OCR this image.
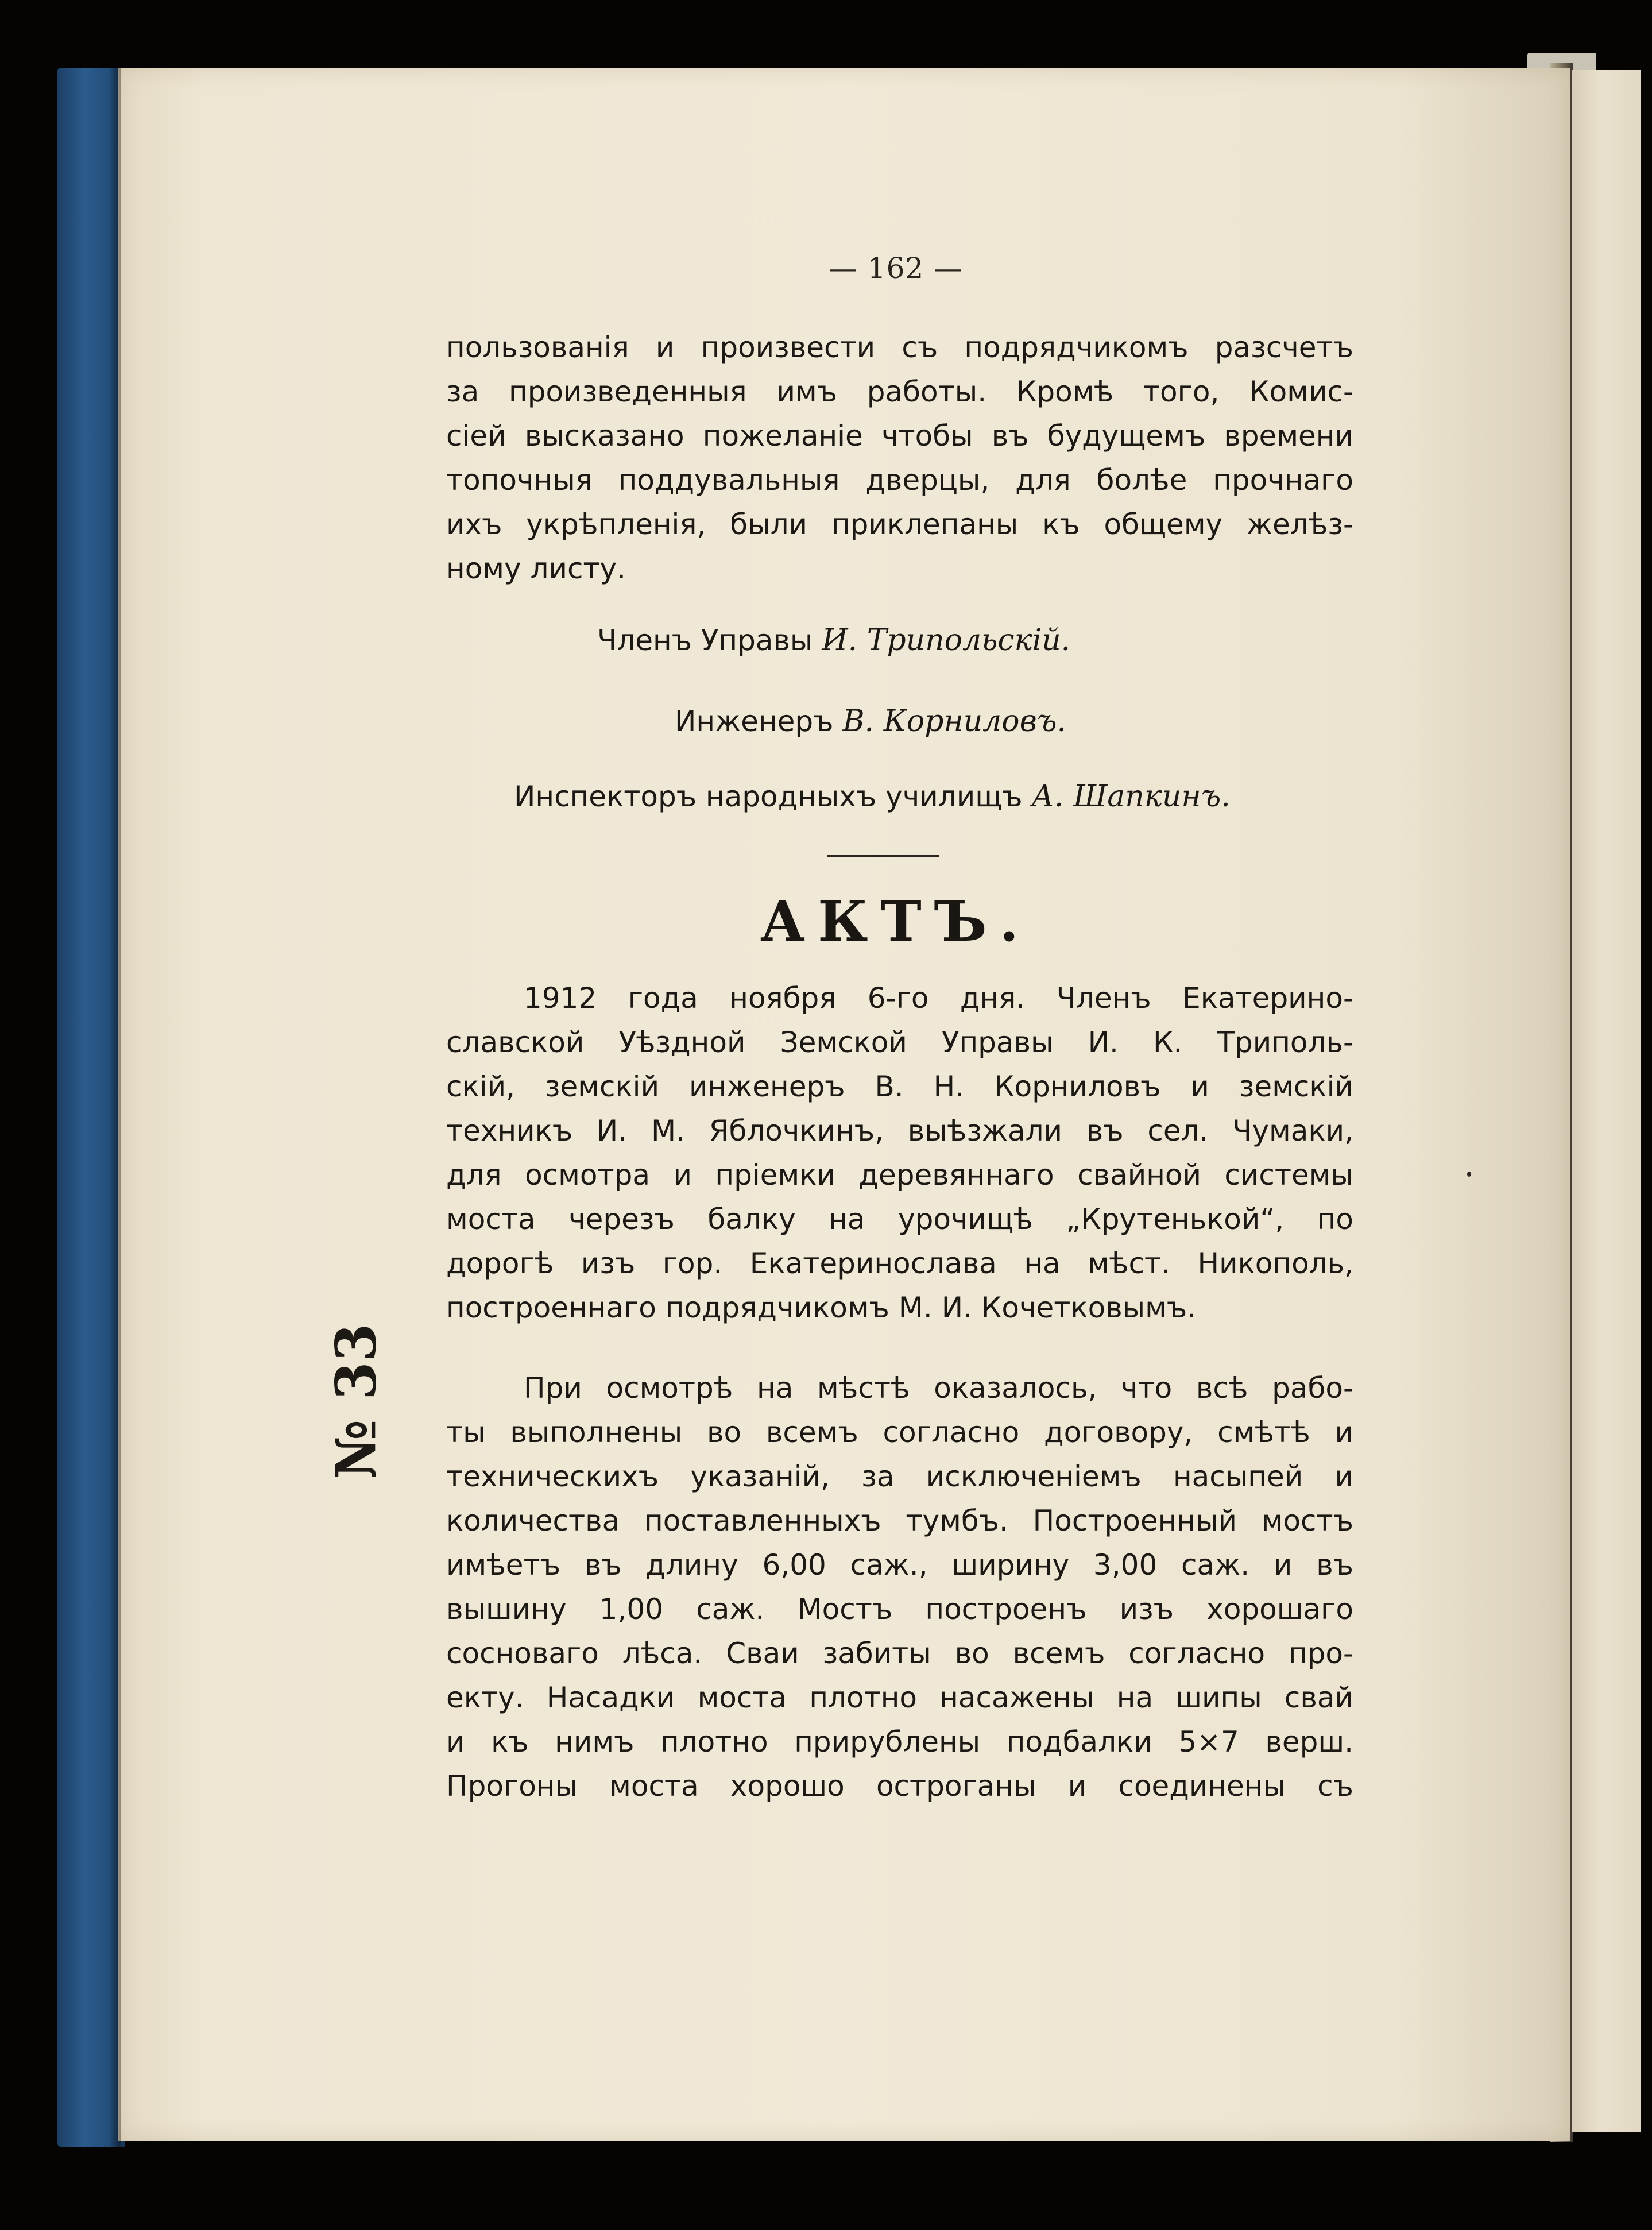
— 162 —
пользованія и произвести съ подрядчикомъ разсчетъ
за произведенныя имъ работы. Кромѣ того, Комис-
сіей высказано пожеланіе чтобы въ будущемъ времени
топочныя поддувальныя дверцы, для болѣе прочнаго
ихъ укрѣпленія, были приклепаны къ общему желѣз-
ному листу.
Членъ Управы И. Трипольскій.
Инженеръ В. Корниловъ.
Инспекторъ народныхъ училищъ А. Шапкинъ.
АКТЪ.
1912 года ноября 6-го дня. Членъ Екатерино-
славской Уѣздной Земской Управы И. К. Триполь-
скій, земскій инженеръ В. Н. Корниловъ и земскій
техникъ И. М. Яблочкинъ, выѣзжали въ сел. Чумаки,
для осмотра и пріемки деревяннаго свайной системы
моста черезъ балку на урочищѣ „Крутенькой“, по
дорогѣ изъ гор. Екатеринослава на мѣст. Никополь,
построеннаго подрядчикомъ М. И. Кочетковымъ.
При осмотрѣ на мѣстѣ оказалось, что всѣ рабо-
ты выполнены во всемъ согласно договору, смѣтѣ и
техническихъ указаній, за исключеніемъ насыпей и
количества поставленныхъ тумбъ. Построенный мостъ
имѣетъ въ длину 6,00 саж., ширину 3,00 саж. и въ
вышину 1,00 саж. Мостъ построенъ изъ хорошаго
сосноваго лѣса. Сваи забиты во всемъ согласно про-
екту. Насадки моста плотно насажены на шипы свай
и къ нимъ плотно прирублены подбалки 5×7 верш.
Прогоны моста хорошо остроганы и соединены съ
№ 33
